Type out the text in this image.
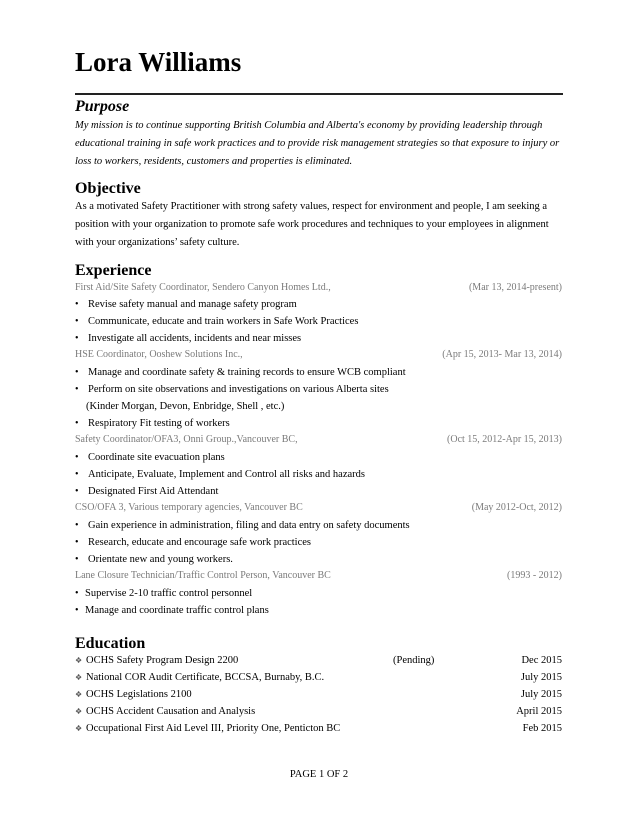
Lora Williams
Purpose
My mission is to continue supporting British Columbia and Alberta's economy by providing leadership through
educational training in safe work practices and to provide risk management strategies so that exposure to injury or
loss to workers, residents, customers and properties is eliminated.
Objective
As a motivated Safety Practitioner with strong safety values, respect for environment and people, I am seeking a
position with your organization to promote safe work procedures and techniques to your employees in alignment
with your organizations’ safety culture.
Experience
First Aid/Site Safety Coordinator, Sendero Canyon Homes Ltd.,	(Mar 13, 2014-present)
• Revise safety manual and manage safety program
• Communicate, educate and train workers in Safe Work Practices
• Investigate all accidents, incidents and near misses
HSE Coordinator, Ooshew Solutions Inc.,	(Apr 15, 2013- Mar 13, 2014)
• Manage and coordinate safety & training records to ensure WCB compliant
• Perform on site observations and investigations on various Alberta sites
(Kinder Morgan, Devon, Enbridge, Shell , etc.)
• Respiratory Fit testing of workers
Safety Coordinator/OFA3, Onni Group.,Vancouver BC,	(Oct 15, 2012-Apr 15, 2013)
• Coordinate site evacuation plans
• Anticipate, Evaluate, Implement and Control all risks and hazards
• Designated First Aid Attendant
CSO/OFA 3, Various temporary agencies, Vancouver BC	(May 2012-Oct, 2012)
• Gain experience in administration, filing and data entry on safety documents
• Research, educate and encourage safe work practices
• Orientate new and young workers.
Lane Closure Technician/Traffic Control Person, Vancouver BC	(1993 - 2012)
• Supervise 2-10 traffic control personnel
• Manage and coordinate traffic control plans
Education
❖ OCHS Safety Program Design 2200	(Pending)	Dec 2015
❖ National COR Audit Certificate, BCCSA, Burnaby, B.C.	July 2015
❖ OCHS Legislations 2100	July 2015
❖ OCHS Accident Causation and Analysis	April 2015
❖ Occupational First Aid Level III, Priority One, Penticton BC	Feb 2015
PAGE 1 OF 2
